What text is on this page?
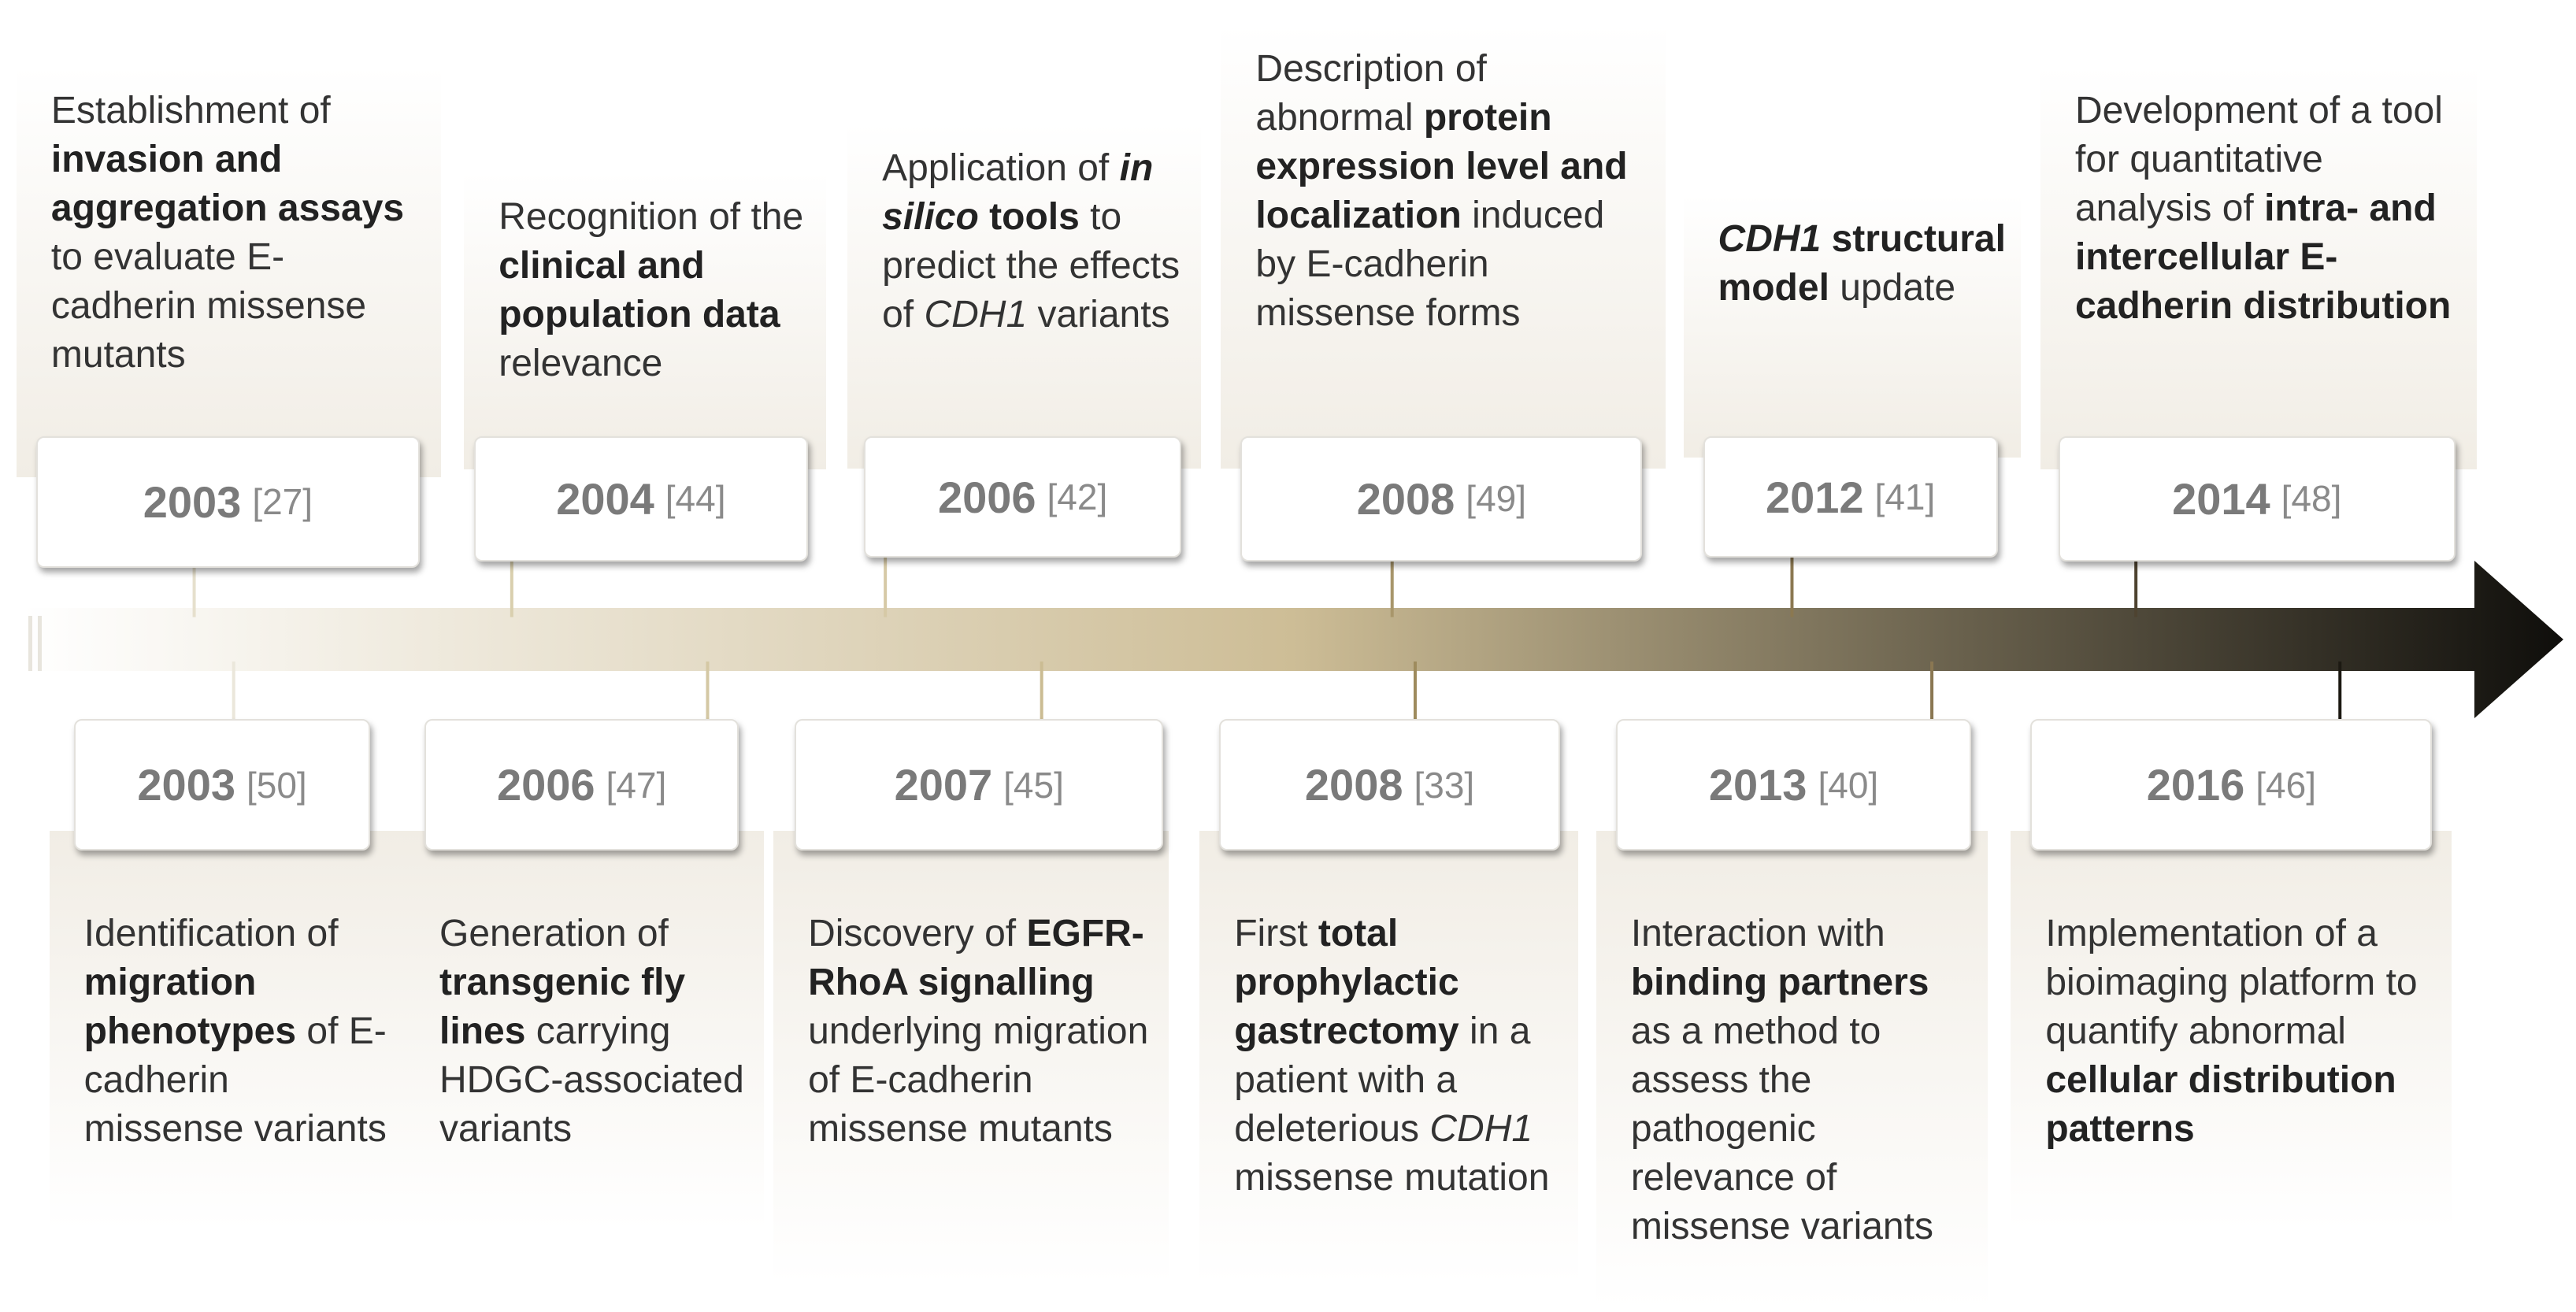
Establishment of invasion and aggregation assays to evaluate E-cadherin missense mutants
2003 [27]
Recognition of the clinical and population data relevance
2004 [44]
Application of in silico tools to predict the effects of CDH1 variants
2006 [42]
Description of abnormal protein expression level and localization induced by E-cadherin missense forms
2008 [49]
CDH1 structural model update
2012 [41]
Development of a tool for quantitative analysis of intra- and intercellular E-cadherin distribution
2014 [48]
Identification of migration phenotypes of E-cadherin missense variants
2003 [50]
Generation of transgenic fly lines carrying HDGC-associated variants
2006 [47]
Discovery of EGFR-RhoA signalling underlying migration of E-cadherin missense mutants
2007 [45]
First total prophylactic gastrectomy in a patient with a deleterious CDH1 missense mutation
2008 [33]
Interaction with binding partners as a method to assess the pathogenic relevance of missense variants
2013 [40]
Implementation of a bioimaging platform to quantify abnormal cellular distribution patterns
2016 [46]
